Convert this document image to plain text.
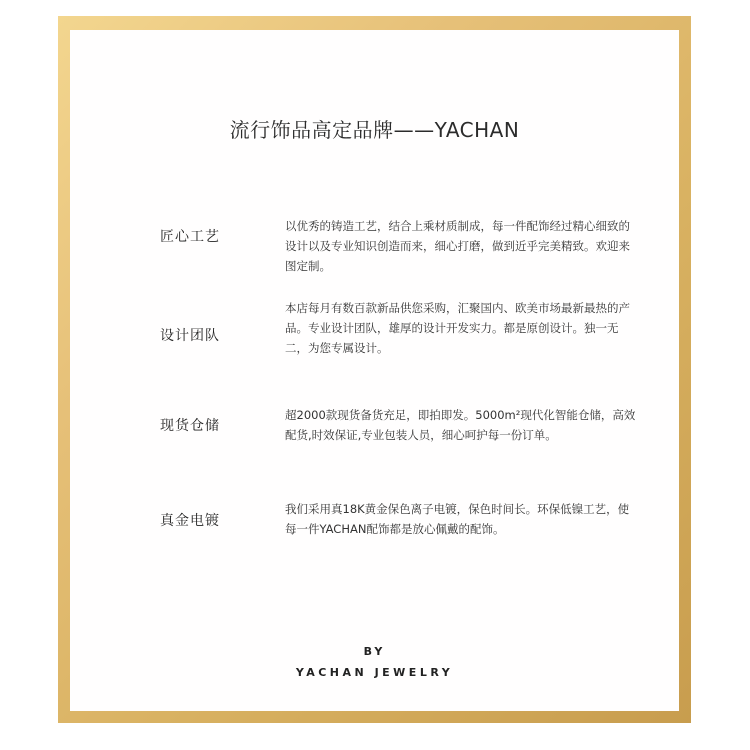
流行饰品高定品牌——YACHAN
匠心工艺
以优秀的铸造工艺，结合上乘材质制成，每一件配饰经过精心细致的设计以及专业知识创造而来，细心打磨，做到近乎完美精致。欢迎来图定制。
设计团队
本店每月有数百款新品供您采购，汇聚国内、欧美市场最新最热的产品。专业设计团队，雄厚的设计开发实力。都是原创设计。独一无二，为您专属设计。
现货仓储
超2000款现货备货充足，即拍即发。5000m²现代化智能仓储，高效配货,时效保证,专业包装人员，细心呵护每一份订单。
真金电镀
我们采用真18K黄金保色离子电镀，保色时间长。环保低镍工艺，使每一件YACHAN配饰都是放心佩戴的配饰。
BY
YACHAN JEWELRY
